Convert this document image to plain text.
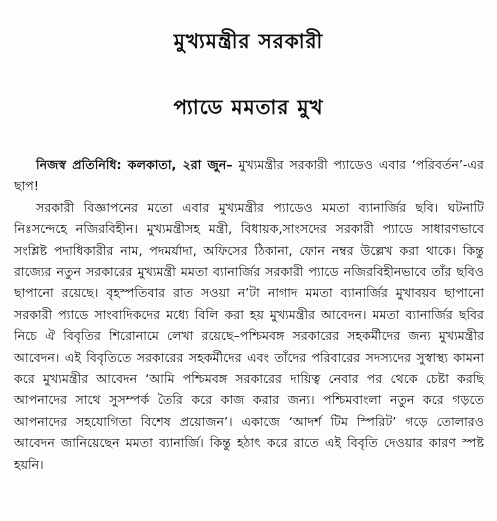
মুখ্যমন্ত্রীর সরকারী
প্যাডে মমতার মুখ

নিজস্ব প্রতিনিধি: কলকাতা, ২রা জুন– মুখ্যমন্ত্রীর সরকারী প্যাডেও এবার ‘পরিবর্তন’-এর ছাপ!

সরকারী বিজ্ঞাপনের মতো এবার মুখ্যমন্ত্রীর প্যাডেও মমতা ব্যানার্জির ছবি। ঘটনাটি নিঃসন্দেহে নজিরবিহীন। মুখ্যমন্ত্রীসহ মন্ত্রী, বিধায়ক,সাংসদের সরকারী প্যাডে সাধারণভাবে সংশ্লিষ্ট পদাধিকারীর নাম, পদমর্যাদা, অফিসের ঠিকানা, ফোন নম্বর উল্লেখ করা থাকে। কিন্তু রাজ্যের নতুন সরকারের মুখ্যমন্ত্রী মমতা ব্যানার্জির সরকারী প্যাডে নজিরবিহীনভাবে তাঁর ছবিও ছাপানো রয়েছে। বৃহস্পতিবার রাত সওয়া ন’টা নাগাদ মমতা ব্যানার্জির মুখাবয়ব ছাপানো সরকারী প্যাডে সাংবাদিকদের মধ্যে বিলি করা হয় মুখ্যমন্ত্রীর আবেদন। মমতা ব্যানার্জির ছবির নিচে ঐ বিবৃতির শিরোনামে লেখা রয়েছে–পশ্চিমবঙ্গ সরকারের সহকর্মীদের জন্য মুখ্যমন্ত্রীর আবেদন। এই বিবৃতিতে সরকারের সহকর্মীদের এবং তাঁদের পরিবারের সদস্যদের সুস্বাস্থ্য কামনা করে মুখ্যমন্ত্রীর আবেদন ‘আমি পশ্চিমবঙ্গ সরকারের দায়িত্ব নেবার পর থেকে চেষ্টা করছি আপনাদের সাথে সুসম্পর্ক তৈরি করে কাজ করার জন্য। পশ্চিমবাংলা নতুন করে গড়তে আপনাদের সহযোগিতা বিশেষ প্রয়োজন’। একাজে ‘আদর্শ টিম স্পিরিট’ গড়ে তোলারও আবেদন জানিয়েছেন মমতা ব্যানার্জি। কিন্তু হঠাৎ করে রাতে এই বিবৃতি দেওয়ার কারণ স্পষ্ট হয়নি।
